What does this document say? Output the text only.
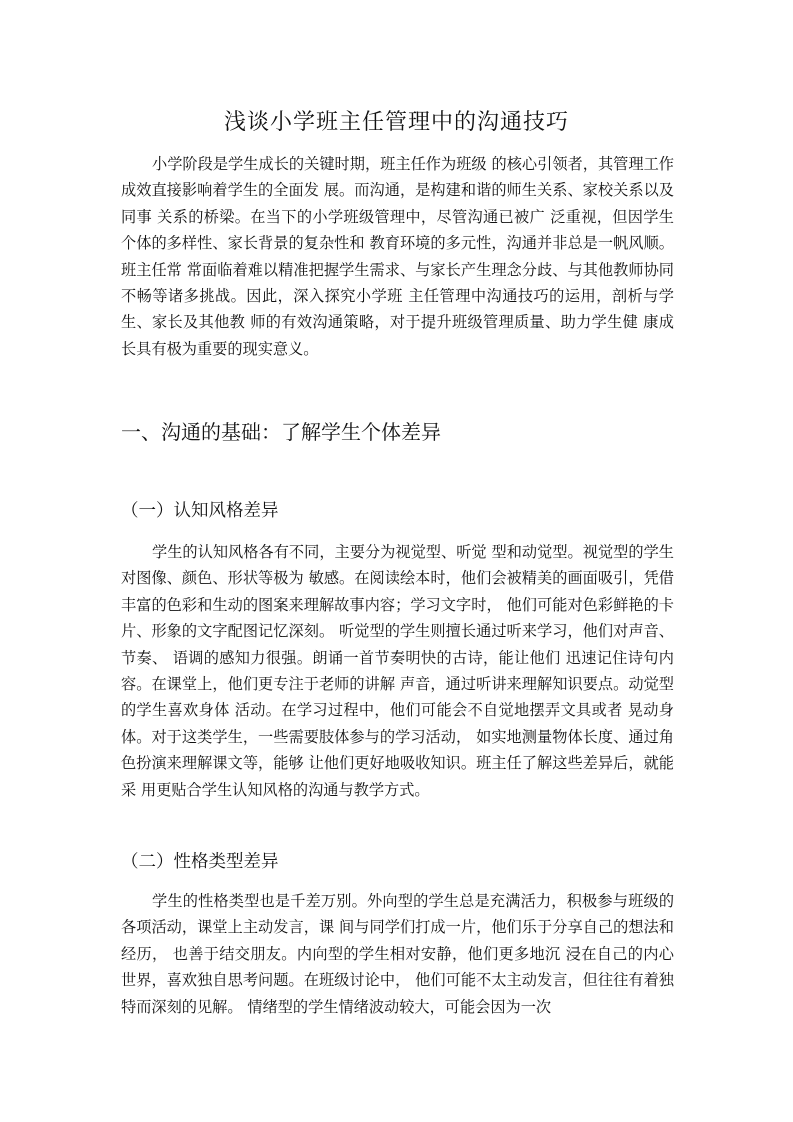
浅谈小学班主任管理中的沟通技巧

小学阶段是学生成长的关键时期，班主任作为班级 的核心引领者，其管理工作成效直接影响着学生的全面发 展。而沟通，是构建和谐的师生关系、家校关系以及同事 关系的桥梁。在当下的小学班级管理中，尽管沟通已被广 泛重视，但因学生个体的多样性、家长背景的复杂性和 教育环境的多元性，沟通并非总是一帆风顺。班主任常 常面临着难以精准把握学生需求、与家长产生理念分歧、与其他教师协同不畅等诸多挑战。因此，深入探究小学班 主任管理中沟通技巧的运用，剖析与学生、家长及其他教 师的有效沟通策略，对于提升班级管理质量、助力学生健 康成长具有极为重要的现实意义。

一、沟通的基础：了解学生个体差异
（一）认知风格差异

学生的认知风格各有不同，主要分为视觉型、听觉 型和动觉型。视觉型的学生对图像、颜色、形状等极为 敏感。在阅读绘本时，他们会被精美的画面吸引，凭借 丰富的色彩和生动的图案来理解故事内容；学习文字时， 他们可能对色彩鲜艳的卡片、形象的文字配图记忆深刻。 听觉型的学生则擅长通过听来学习，他们对声音、节奏、 语调的感知力很强。朗诵一首节奏明快的古诗，能让他们 迅速记住诗句内容。在课堂上，他们更专注于老师的讲解 声音，通过听讲来理解知识要点。动觉型的学生喜欢身体 活动。在学习过程中，他们可能会不自觉地摆弄文具或者 晃动身体。对于这类学生，一些需要肢体参与的学习活动， 如实地测量物体长度、通过角色扮演来理解课文等，能够 让他们更好地吸收知识。班主任了解这些差异后，就能采 用更贴合学生认知风格的沟通与教学方式。

（二）性格类型差异

学生的性格类型也是千差万别。外向型的学生总是充满活力，积极参与班级的各项活动，课堂上主动发言，课 间与同学们打成一片，他们乐于分享自己的想法和经历， 也善于结交朋友。内向型的学生相对安静，他们更多地沉 浸在自己的内心世界，喜欢独自思考问题。在班级讨论中， 他们可能不太主动发言，但往往有着独特而深刻的见解。 情绪型的学生情绪波动较大，可能会因为一次
